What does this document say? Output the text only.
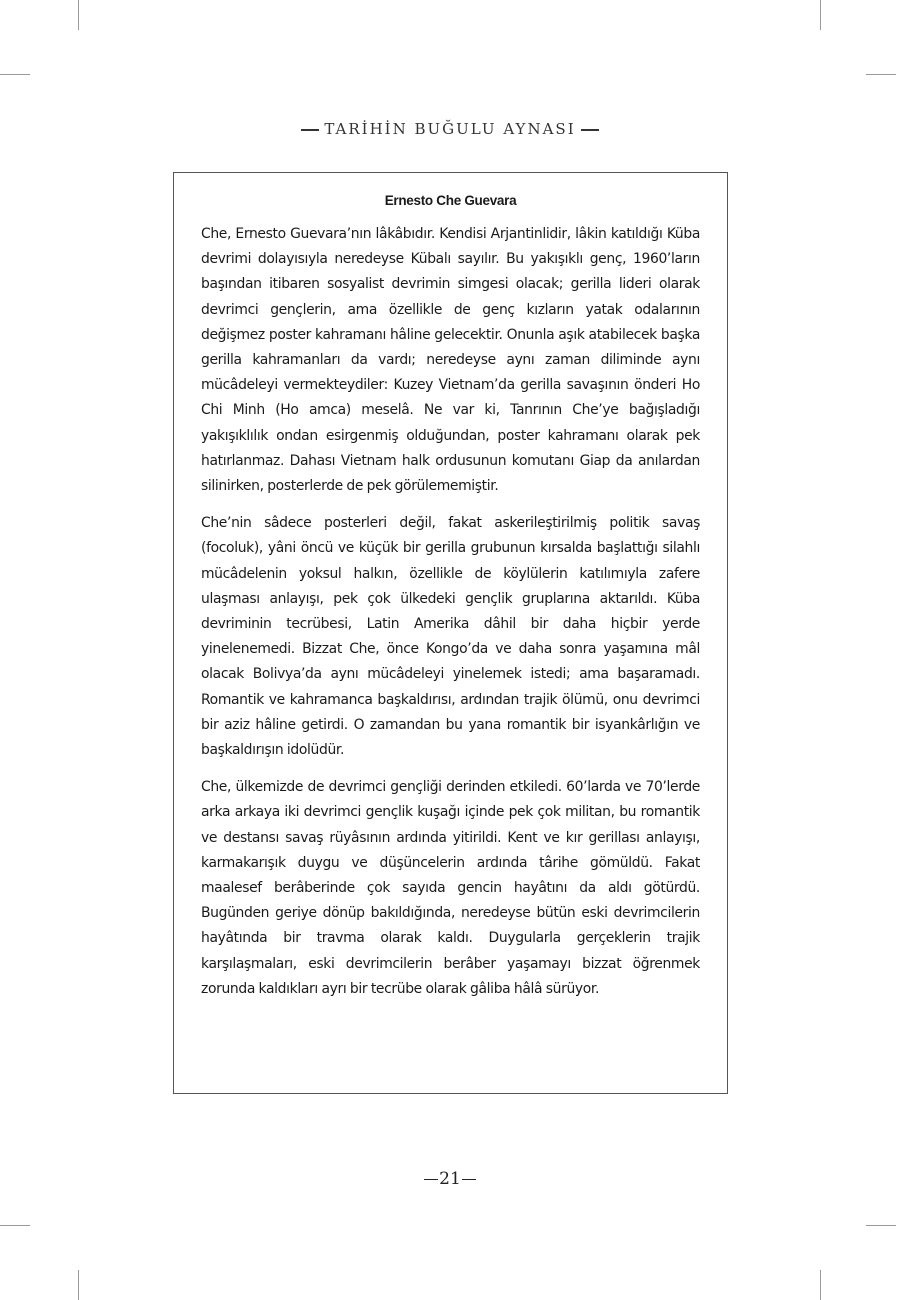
TARİHİN BUĞULU AYNASI
Ernesto Che Guevara

Che, Ernesto Guevara’nın lâkâbıdır. Kendisi Arjantinlidir, lâkin katıldığı Küba devrimi dolayısıyla neredeyse Kübalı sayılır. Bu yakışıklı genç, 1960’ların başından itibaren sosyalist devrimin simgesi olacak; gerilla lideri olarak devrimci gençlerin, ama özellikle de genç kızların yatak odalarının değişmez poster kahramanı hâline gelecektir. Onunla aşık atabilecek başka gerilla kahramanları da vardı; neredeyse aynı zaman diliminde aynı mücâdeleyi vermekteydiler: Kuzey Vietnam’da gerilla savaşının önderi Ho Chi Minh (Ho amca) meselâ. Ne var ki, Tanrının Che’ye bağışladığı yakışıklılık ondan esirgenmiş olduğundan, poster kahramanı olarak pek hatırlanmaz. Dahası Vietnam halk ordusunun komutanı Giap da anılardan silinirken, posterlerde de pek görülememiştir.

Che’nin sâdece posterleri değil, fakat askerileştirilmiş politik savaş (focoluk), yâni öncü ve küçük bir gerilla grubunun kırsalda başlattığı silahlı mücâdelenin yoksul halkın, özellikle de köylülerin katılımıyla zafere ulaşması anlayışı, pek çok ülkedeki gençlik gruplarına aktarıldı. Küba devriminin tecrübesi, Latin Amerika dâhil bir daha hiçbir yerde yinelenemedi. Bizzat Che, önce Kongo’da ve daha sonra yaşamına mâl olacak Bolivya’da aynı mücâdeleyi yinelemek istedi; ama başaramadı. Romantik ve kahramanca başkaldırısı, ardından trajik ölümü, onu devrimci bir aziz hâline getirdi. O zamandan bu yana romantik bir isyankârlığın ve başkaldırışın idolüdür.

Che, ülkemizde de devrimci gençliği derinden etkiledi. 60’larda ve 70’lerde arka arkaya iki devrimci gençlik kuşağı içinde pek çok militan, bu romantik ve destansı savaş rüyâsının ardında yitirildi. Kent ve kır gerillası anlayışı, karmakarışık duygu ve düşüncelerin ardında târihe gömüldü. Fakat maalesef berâberinde çok sayıda gencin hayâtını da aldı götürdü. Bugünden geriye dönüp bakıldığında, neredeyse bütün eski devrimcilerin hayâtında bir travma olarak kaldı. Duygularla gerçeklerin trajik karşılaşmaları, eski devrimcilerin berâber yaşamayı bizzat öğrenmek zorunda kaldıkları ayrı bir tecrübe olarak gâliba hâlâ sürüyor.

21
